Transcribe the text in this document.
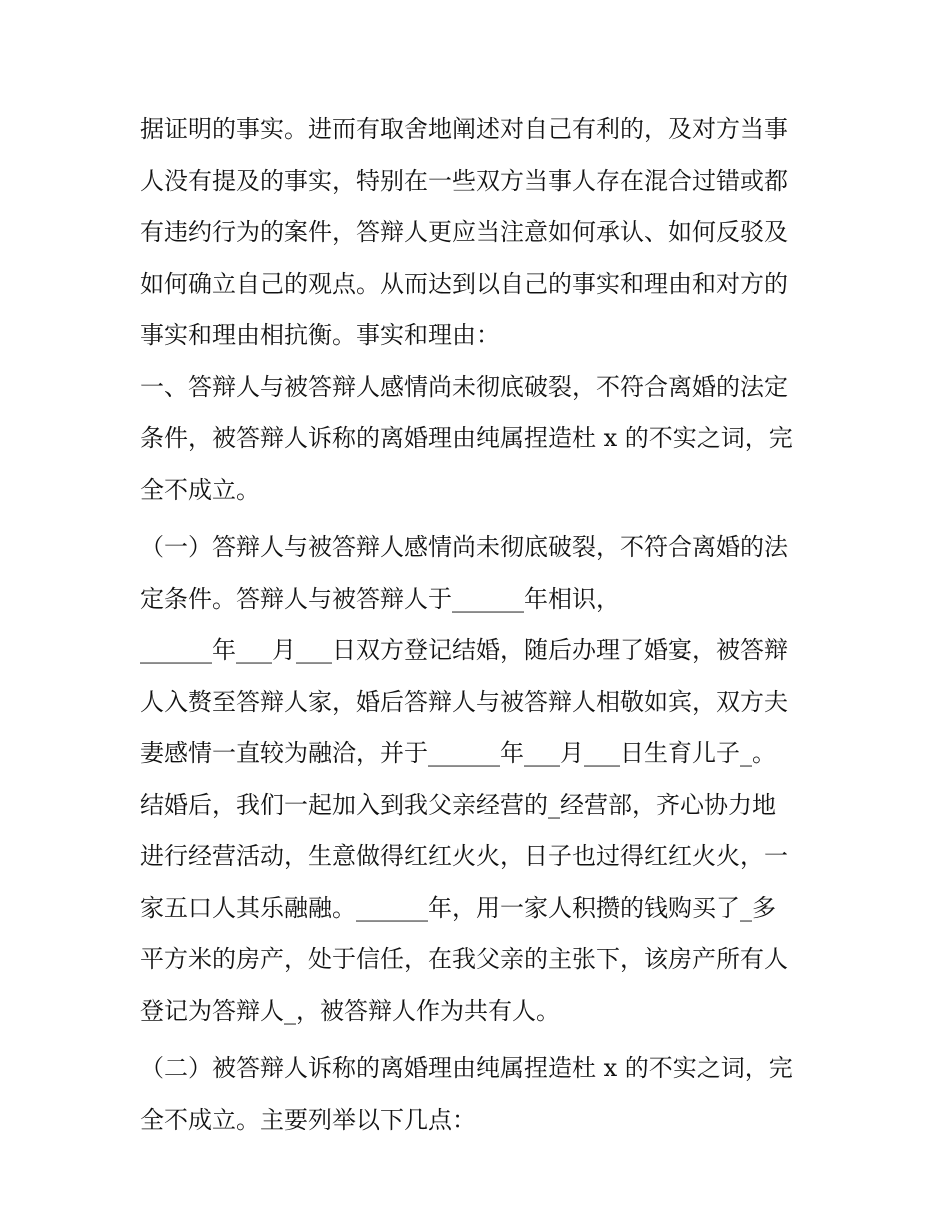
据证明的事实。进而有取舍地阐述对自己有利的，及对方当事
人没有提及的事实，特别在一些双方当事人存在混合过错或都
有违约行为的案件，答辩人更应当注意如何承认、如何反驳及
如何确立自己的观点。从而达到以自己的事实和理由和对方的
事实和理由相抗衡。事实和理由：
一、答辩人与被答辩人感情尚未彻底破裂，不符合离婚的法定
条件，被答辩人诉称的离婚理由纯属捏造杜 x 的不实之词，完
全不成立。
（一）答辩人与被答辩人感情尚未彻底破裂，不符合离婚的法
定条件。答辩人与被答辩人于______年相识，
______年___月___日双方登记结婚，随后办理了婚宴，被答辩
人入赘至答辩人家，婚后答辩人与被答辩人相敬如宾，双方夫
妻感情一直较为融洽，并于______年___月___日生育儿子_。
结婚后，我们一起加入到我父亲经营的_经营部，齐心协力地
进行经营活动，生意做得红红火火，日子也过得红红火火，一
家五口人其乐融融。______年，用一家人积攒的钱购买了_多
平方米的房产，处于信任，在我父亲的主张下，该房产所有人
登记为答辩人_，被答辩人作为共有人。
（二）被答辩人诉称的离婚理由纯属捏造杜 x 的不实之词，完
全不成立。主要列举以下几点：
